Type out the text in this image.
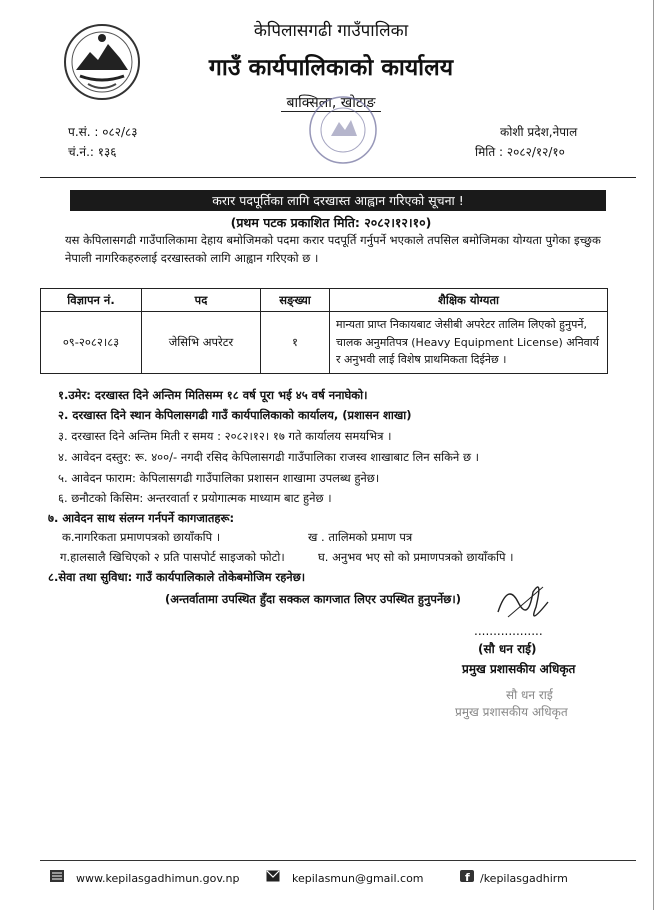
केपिलासगढी गाउँपालिका
गाउँ कार्यपालिकाको कार्यालय
बाक्सिला, खोटाङ
प.सं. : ०८२/८३
चं.नं.: १३६
कोशी प्रदेश,नेपाल
मिति : २०८२/१२/१०
करार पदपूर्तिका लागि दरखास्त आह्वान गरिएको सूचना !
(प्रथम पटक प्रकाशित मिति: २०८२।१२।१०)
यस केपिलासगढी गाउँपालिकामा देहाय बमोजिमको पदमा करार पदपूर्ति गर्नुपर्ने भएकाले तपसिल बमोजिमका योग्यता पुगेका इच्छुक नेपाली नागरिकहरुलाई दरखास्तको लागि आह्वान गरिएको छ ।
विज्ञापन नं.	पद	सङ्ख्या	शैक्षिक योग्यता
०९-२०८२।८३	जेसिभि अपरेटर	१	मान्यता प्राप्त निकायबाट जेसीबी अपरेटर तालिम लिएको हुनुपर्ने, चालक अनुमतिपत्र (Heavy Equipment License) अनिवार्य र अनुभवी लाई विशेष प्राथमिकता दिईनेछ ।
१.उमेर: दरखास्त दिने अन्तिम मितिसम्म १८ वर्ष पूरा भई ४५ वर्ष ननाघेको।
२. दरखास्त दिने स्थान केपिलासगढी गाउँ कार्यपालिकाको कार्यालय, (प्रशासन शाखा)
३. दरखास्त दिने अन्तिम मिती र समय : २०८२।१२। १७ गते कार्यालय समयभित्र ।
४. आवेदन दस्तुर: रू. ४००/- नगदी रसिद केपिलासगढी गाउँपालिका राजस्व शाखाबाट लिन सकिने छ ।
५. आवेदन फाराम: केपिलासगढी गाउँपालिका प्रशासन शाखामा उपलब्ध हुनेछ।
६. छनौटको किसिम: अन्तरवार्ता र प्रयोगात्मक माध्याम बाट हुनेछ ।
७. आवेदन साथ संलग्न गर्नपर्ने कागजातहरू:
क.नागरिकता प्रमाणपत्रको छायाँकपि ।	ख . तालिमको प्रमाण पत्र
ग.हालसालै खिचिएको २ प्रति पासपोर्ट साइजको फोटो।	घ. अनुभव भए सो को प्रमाणपत्रको छायाँकपि ।
८.सेवा तथा सुविधा: गाउँ कार्यपालिकाले तोकेबमोजिम रहनेछ।
(अन्तर्वातामा उपस्थित हुँदा सक्कल कागजात लिएर उपस्थित हुनुपर्नेछ।)
..................
(सौ धन राई)
प्रमुख प्रशासकीय अधिकृत
सौ धन राई
प्रमुख प्रशासकीय अधिकृत
www.kepilasgadhimun.gov.np	kepilasmun@gmail.com	f /kepilasgadhirm
